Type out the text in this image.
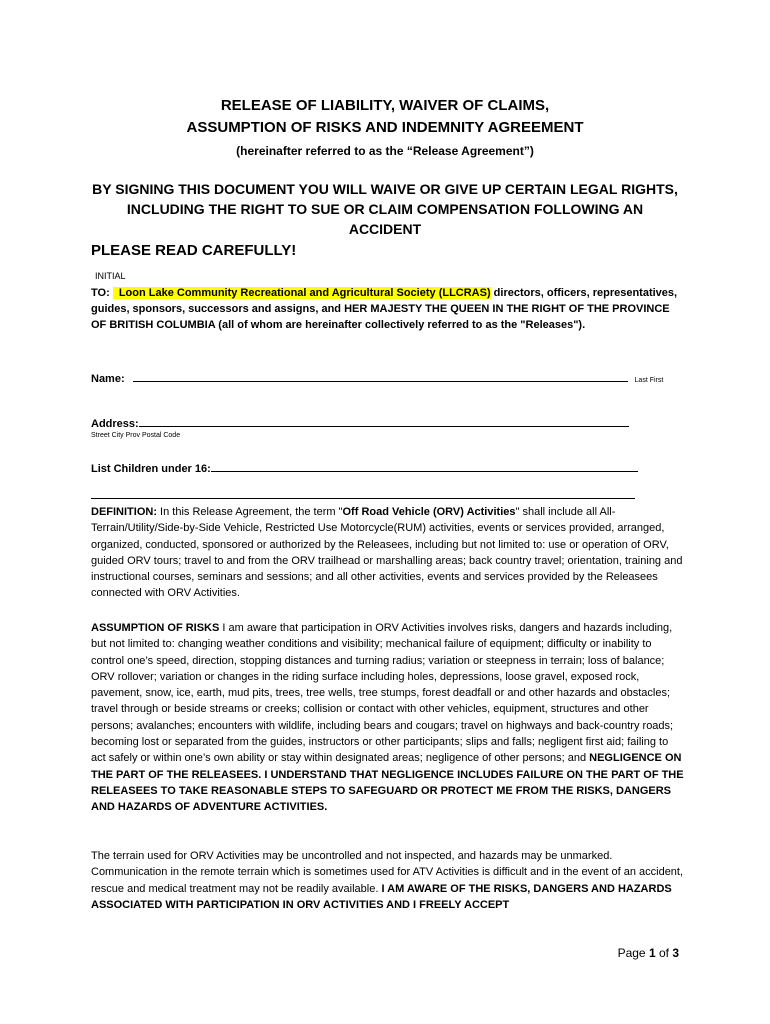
RELEASE OF LIABILITY, WAIVER OF CLAIMS,
ASSUMPTION OF RISKS AND INDEMNITY AGREEMENT
(hereinafter referred to as the “Release Agreement”)
BY SIGNING THIS DOCUMENT YOU WILL WAIVE OR GIVE UP CERTAIN LEGAL RIGHTS,
INCLUDING THE RIGHT TO SUE OR CLAIM COMPENSATION FOLLOWING AN
ACCIDENT
PLEASE READ CAREFULLY!
INITIAL
TO: Loon Lake Community Recreational and Agricultural Society (LLCRAS) directors, officers, representatives, guides, sponsors, successors and assigns, and HER MAJESTY THE QUEEN IN THE RIGHT OF THE PROVINCE OF BRITISH COLUMBIA (all of whom are hereinafter collectively referred to as the "Releases").
Name:	Last First
Address:
Street City Prov Postal Code
List Children under 16:
DEFINITION: In this Release Agreement, the term "Off Road Vehicle (ORV) Activities" shall include all All-Terrain/Utility/Side-by-Side Vehicle, Restricted Use Motorcycle(RUM) activities, events or services provided, arranged, organized, conducted, sponsored or authorized by the Releasees, including but not limited to: use or operation of ORV, guided ORV tours; travel to and from the ORV trailhead or marshalling areas; back country travel; orientation, training and instructional courses, seminars and sessions; and all other activities, events and services provided by the Releasees connected with ORV Activities.
ASSUMPTION OF RISKS I am aware that participation in ORV Activities involves risks, dangers and hazards including, but not limited to: changing weather conditions and visibility; mechanical failure of equipment; difficulty or inability to control one’s speed, direction, stopping distances and turning radius; variation or steepness in terrain; loss of balance; ORV rollover; variation or changes in the riding surface including holes, depressions, loose gravel, exposed rock, pavement, snow, ice, earth, mud pits, trees, tree wells, tree stumps, forest deadfall or and other hazards and obstacles; travel through or beside streams or creeks; collision or contact with other vehicles, equipment, structures and other persons; avalanches; encounters with wildlife, including bears and cougars; travel on highways and back-country roads; becoming lost or separated from the guides, instructors or other participants; slips and falls; negligent first aid; failing to act safely or within one’s own ability or stay within designated areas; negligence of other persons; and NEGLIGENCE ON THE PART OF THE RELEASEES. I UNDERSTAND THAT NEGLIGENCE INCLUDES FAILURE ON THE PART OF THE RELEASEES TO TAKE REASONABLE STEPS TO SAFEGUARD OR PROTECT ME FROM THE RISKS, DANGERS AND HAZARDS OF ADVENTURE ACTIVITIES.
The terrain used for ORV Activities may be uncontrolled and not inspected, and hazards may be unmarked. Communication in the remote terrain which is sometimes used for ATV Activities is difficult and in the event of an accident, rescue and medical treatment may not be readily available. I AM AWARE OF THE RISKS, DANGERS AND HAZARDS ASSOCIATED WITH PARTICIPATION IN ORV ACTIVITIES AND I FREELY ACCEPT
Page 1 of 3
